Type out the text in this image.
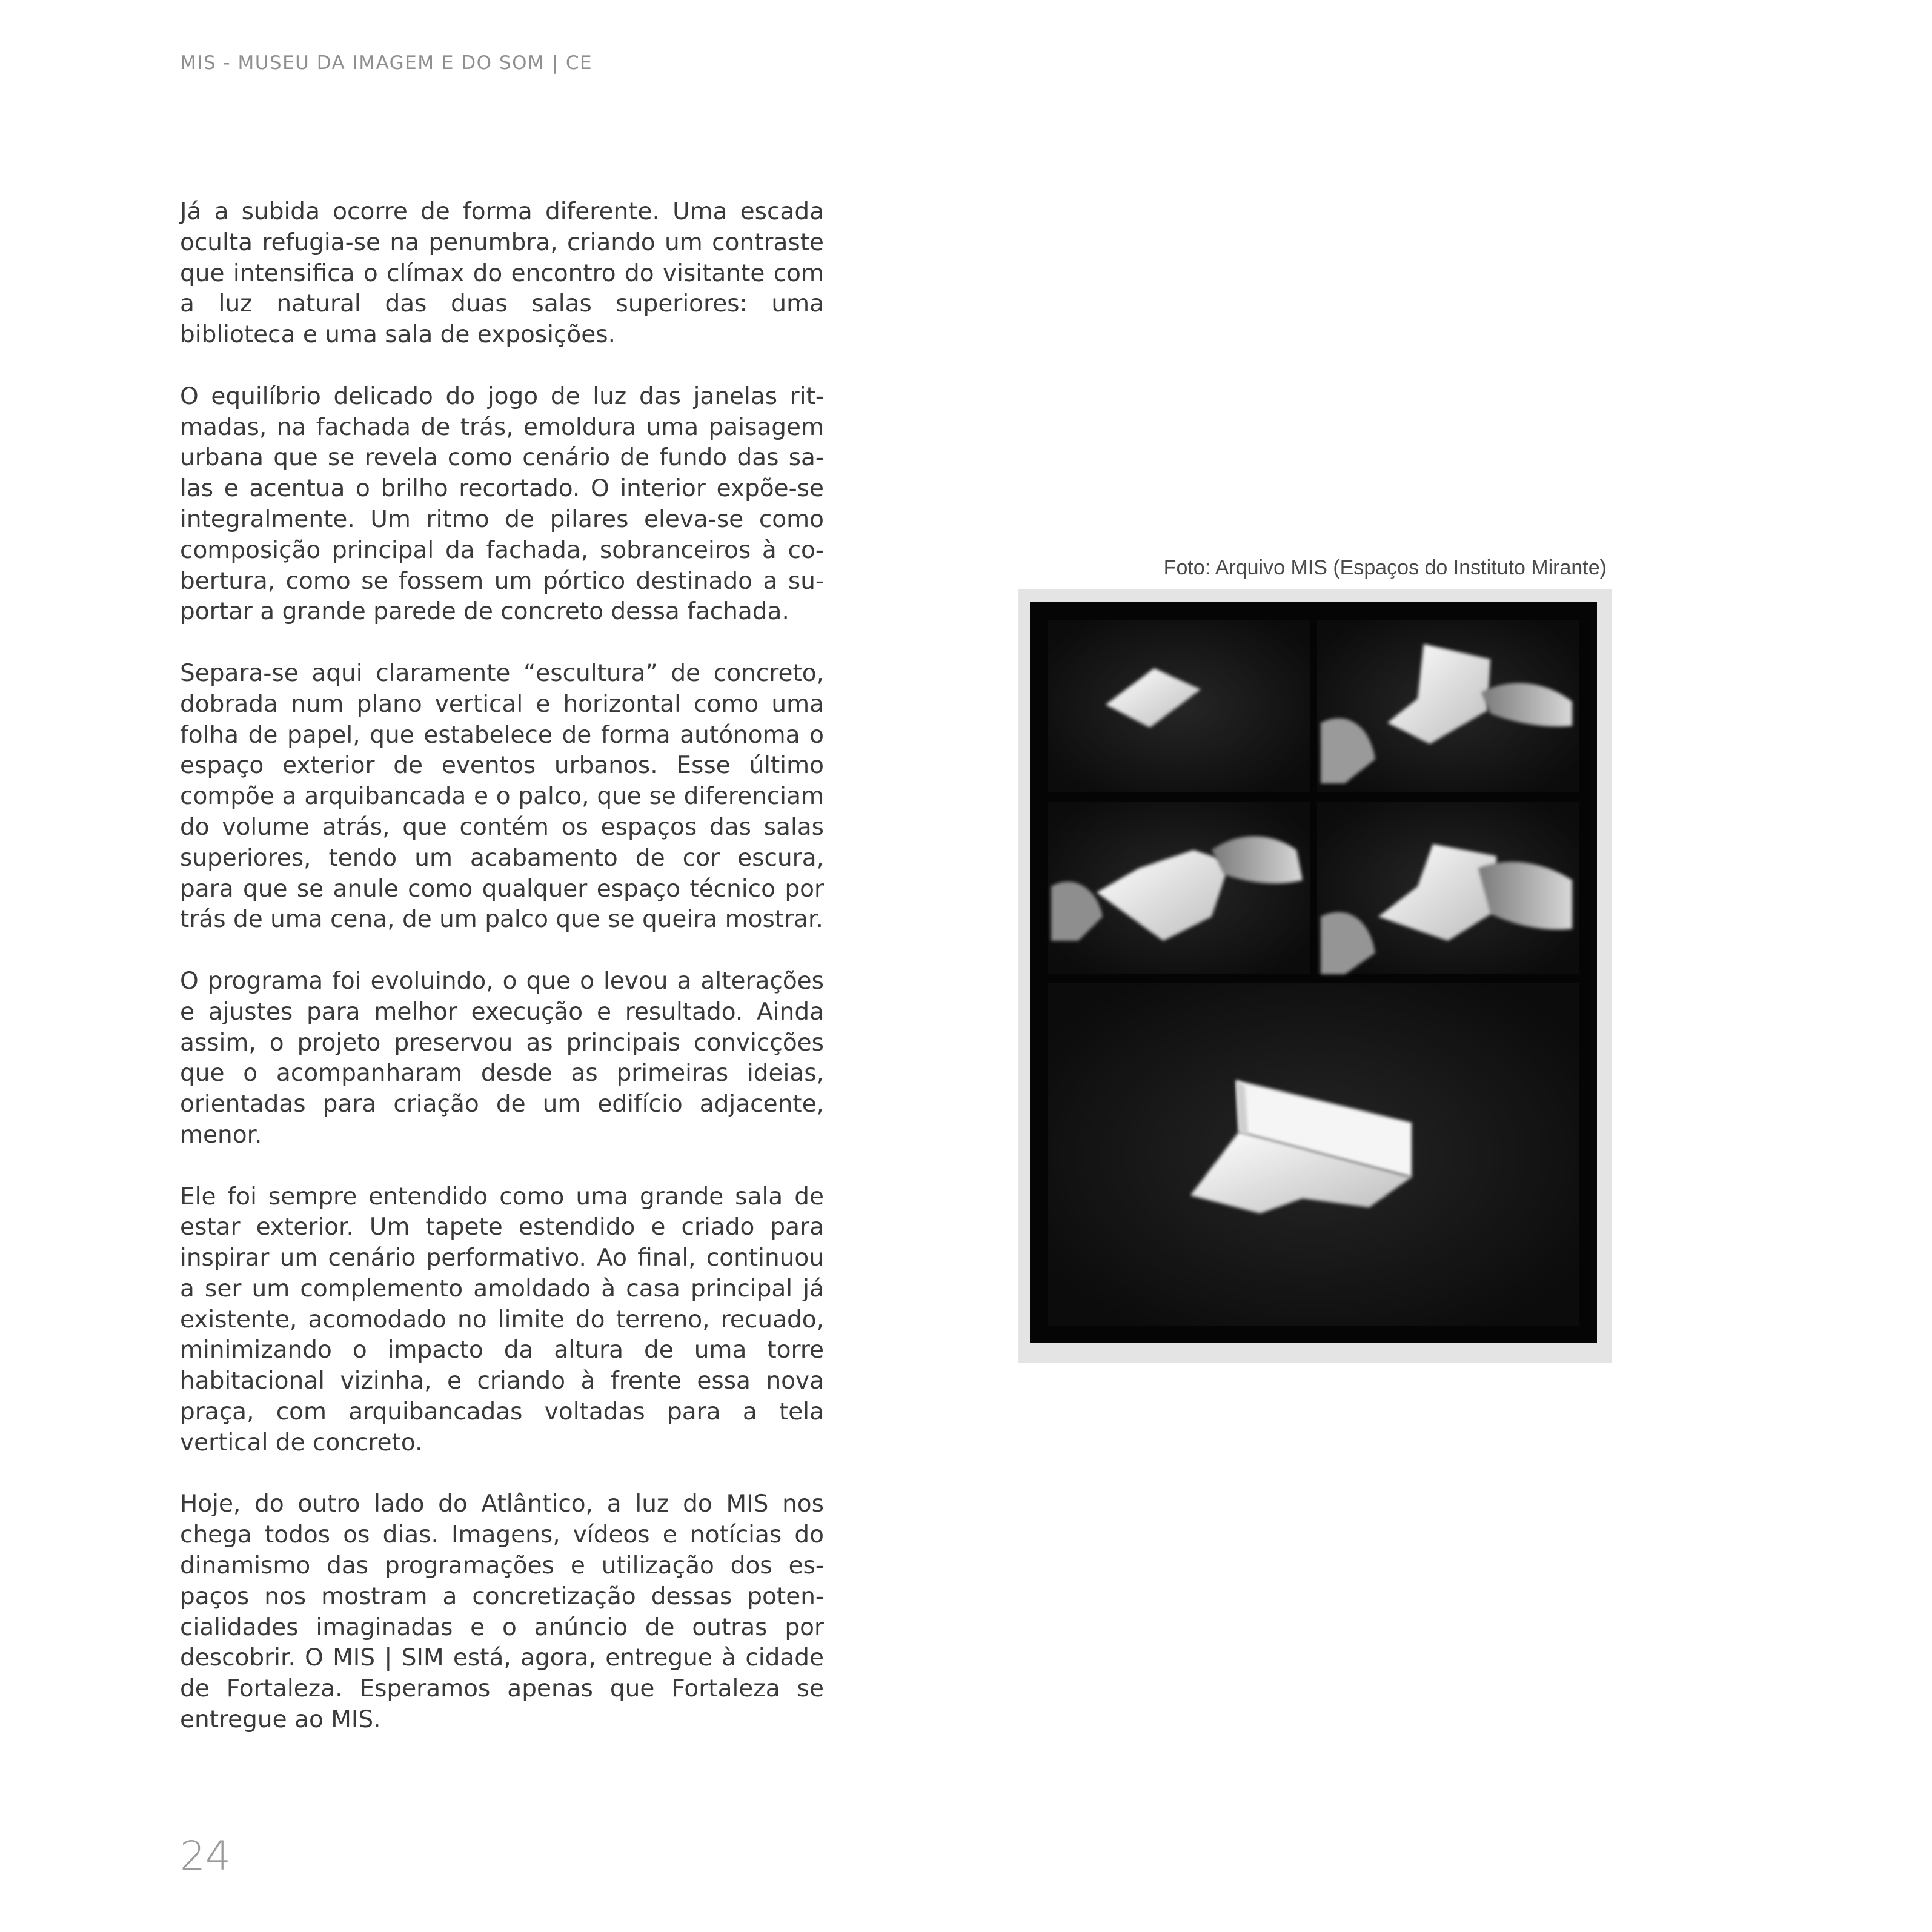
MIS - MUSEU DA IMAGEM E DO SOM | CE

Já a subida ocorre de forma diferente. Uma escada oculta refugia-se na penumbra, criando um contraste que intensifica o clímax do encontro do visitante com a luz natural das duas salas superiores: uma biblioteca e uma sala de exposições.

O equilíbrio delicado do jogo de luz das janelas ritmadas, na fachada de trás, emoldura uma paisagem urbana que se revela como cenário de fundo das salas e acentua o brilho recortado. O interior expõe-se integralmente. Um ritmo de pilares eleva-se como composição principal da fachada, sobranceiros à cobertura, como se fossem um pórtico destinado a suportar a grande parede de concreto dessa fachada.

Separa-se aqui claramente “escultura” de concreto, dobrada num plano vertical e horizontal como uma folha de papel, que estabelece de forma autónoma o espaço exterior de eventos urbanos. Esse último compõe a arquibancada e o palco, que se diferenciam do volume atrás, que contém os espaços das salas superiores, tendo um acabamento de cor escura, para que se anule como qualquer espaço técnico por trás de uma cena, de um palco que se queira mostrar.

O programa foi evoluindo, o que o levou a alterações e ajustes para melhor execução e resultado. Ainda assim, o projeto preservou as principais convicções que o acompanharam desde as primeiras ideias, orientadas para criação de um edifício adjacente, menor.

Ele foi sempre entendido como uma grande sala de estar exterior. Um tapete estendido e criado para inspirar um cenário performativo. Ao final, continuou a ser um complemento amoldado à casa principal já existente, acomodado no limite do terreno, recuado, minimizando o impacto da altura de uma torre habitacional vizinha, e criando à frente essa nova praça, com arquibancadas voltadas para a tela vertical de concreto.

Hoje, do outro lado do Atlântico, a luz do MIS nos chega todos os dias. Imagens, vídeos e notícias do dinamismo das programações e utilização dos espaços nos mostram a concretização dessas potencialidades imaginadas e o anúncio de outras por descobrir. O MIS | SIM está, agora, entregue à cidade de Fortaleza. Esperamos apenas que Fortaleza se entregue ao MIS.

Foto: Arquivo MIS (Espaços do Instituto Mirante)
24
